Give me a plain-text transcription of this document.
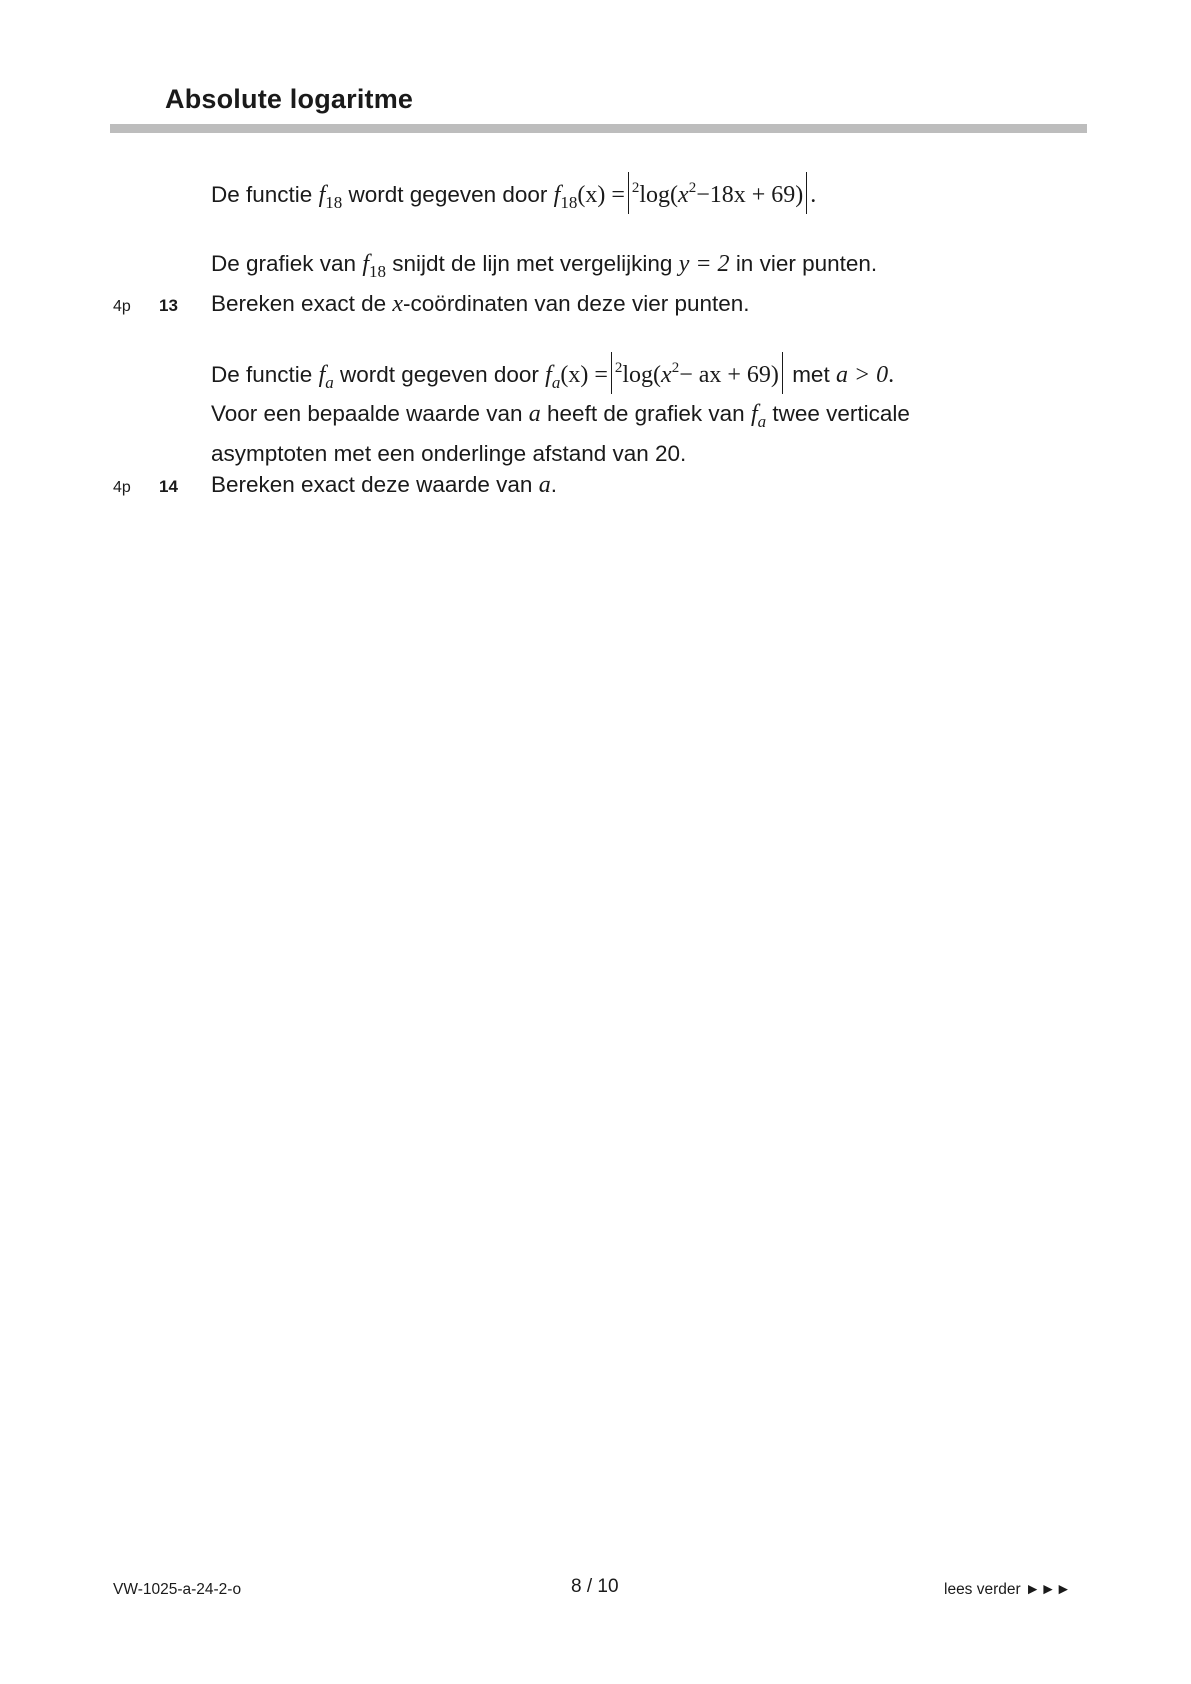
Absolute logaritme
De functie $f_{18}$ wordt gegeven door $f_{18}(x) = ^2\log(x^2-18x + 69)$ .
De grafiek van $f_{18}$ snijdt de lijn met vergelijking y = 2 in vier punten.
4p 13 Bereken exact de x-coördinaten van deze vier punten.
De functie $f_a$ wordt gegeven door $f_a(x) = ^2\log(x^2-$ ax + 69) met a > 0.
Voor een bepaalde waarde van a heeft de grafiek van $f_a$ twee verticale
asymptoten met een onderlinge afstand van 20.
4p 14 Bereken exact deze waarde van a.
VW-1025-a-24-2-o	8 / 10	lees verder ►►►
